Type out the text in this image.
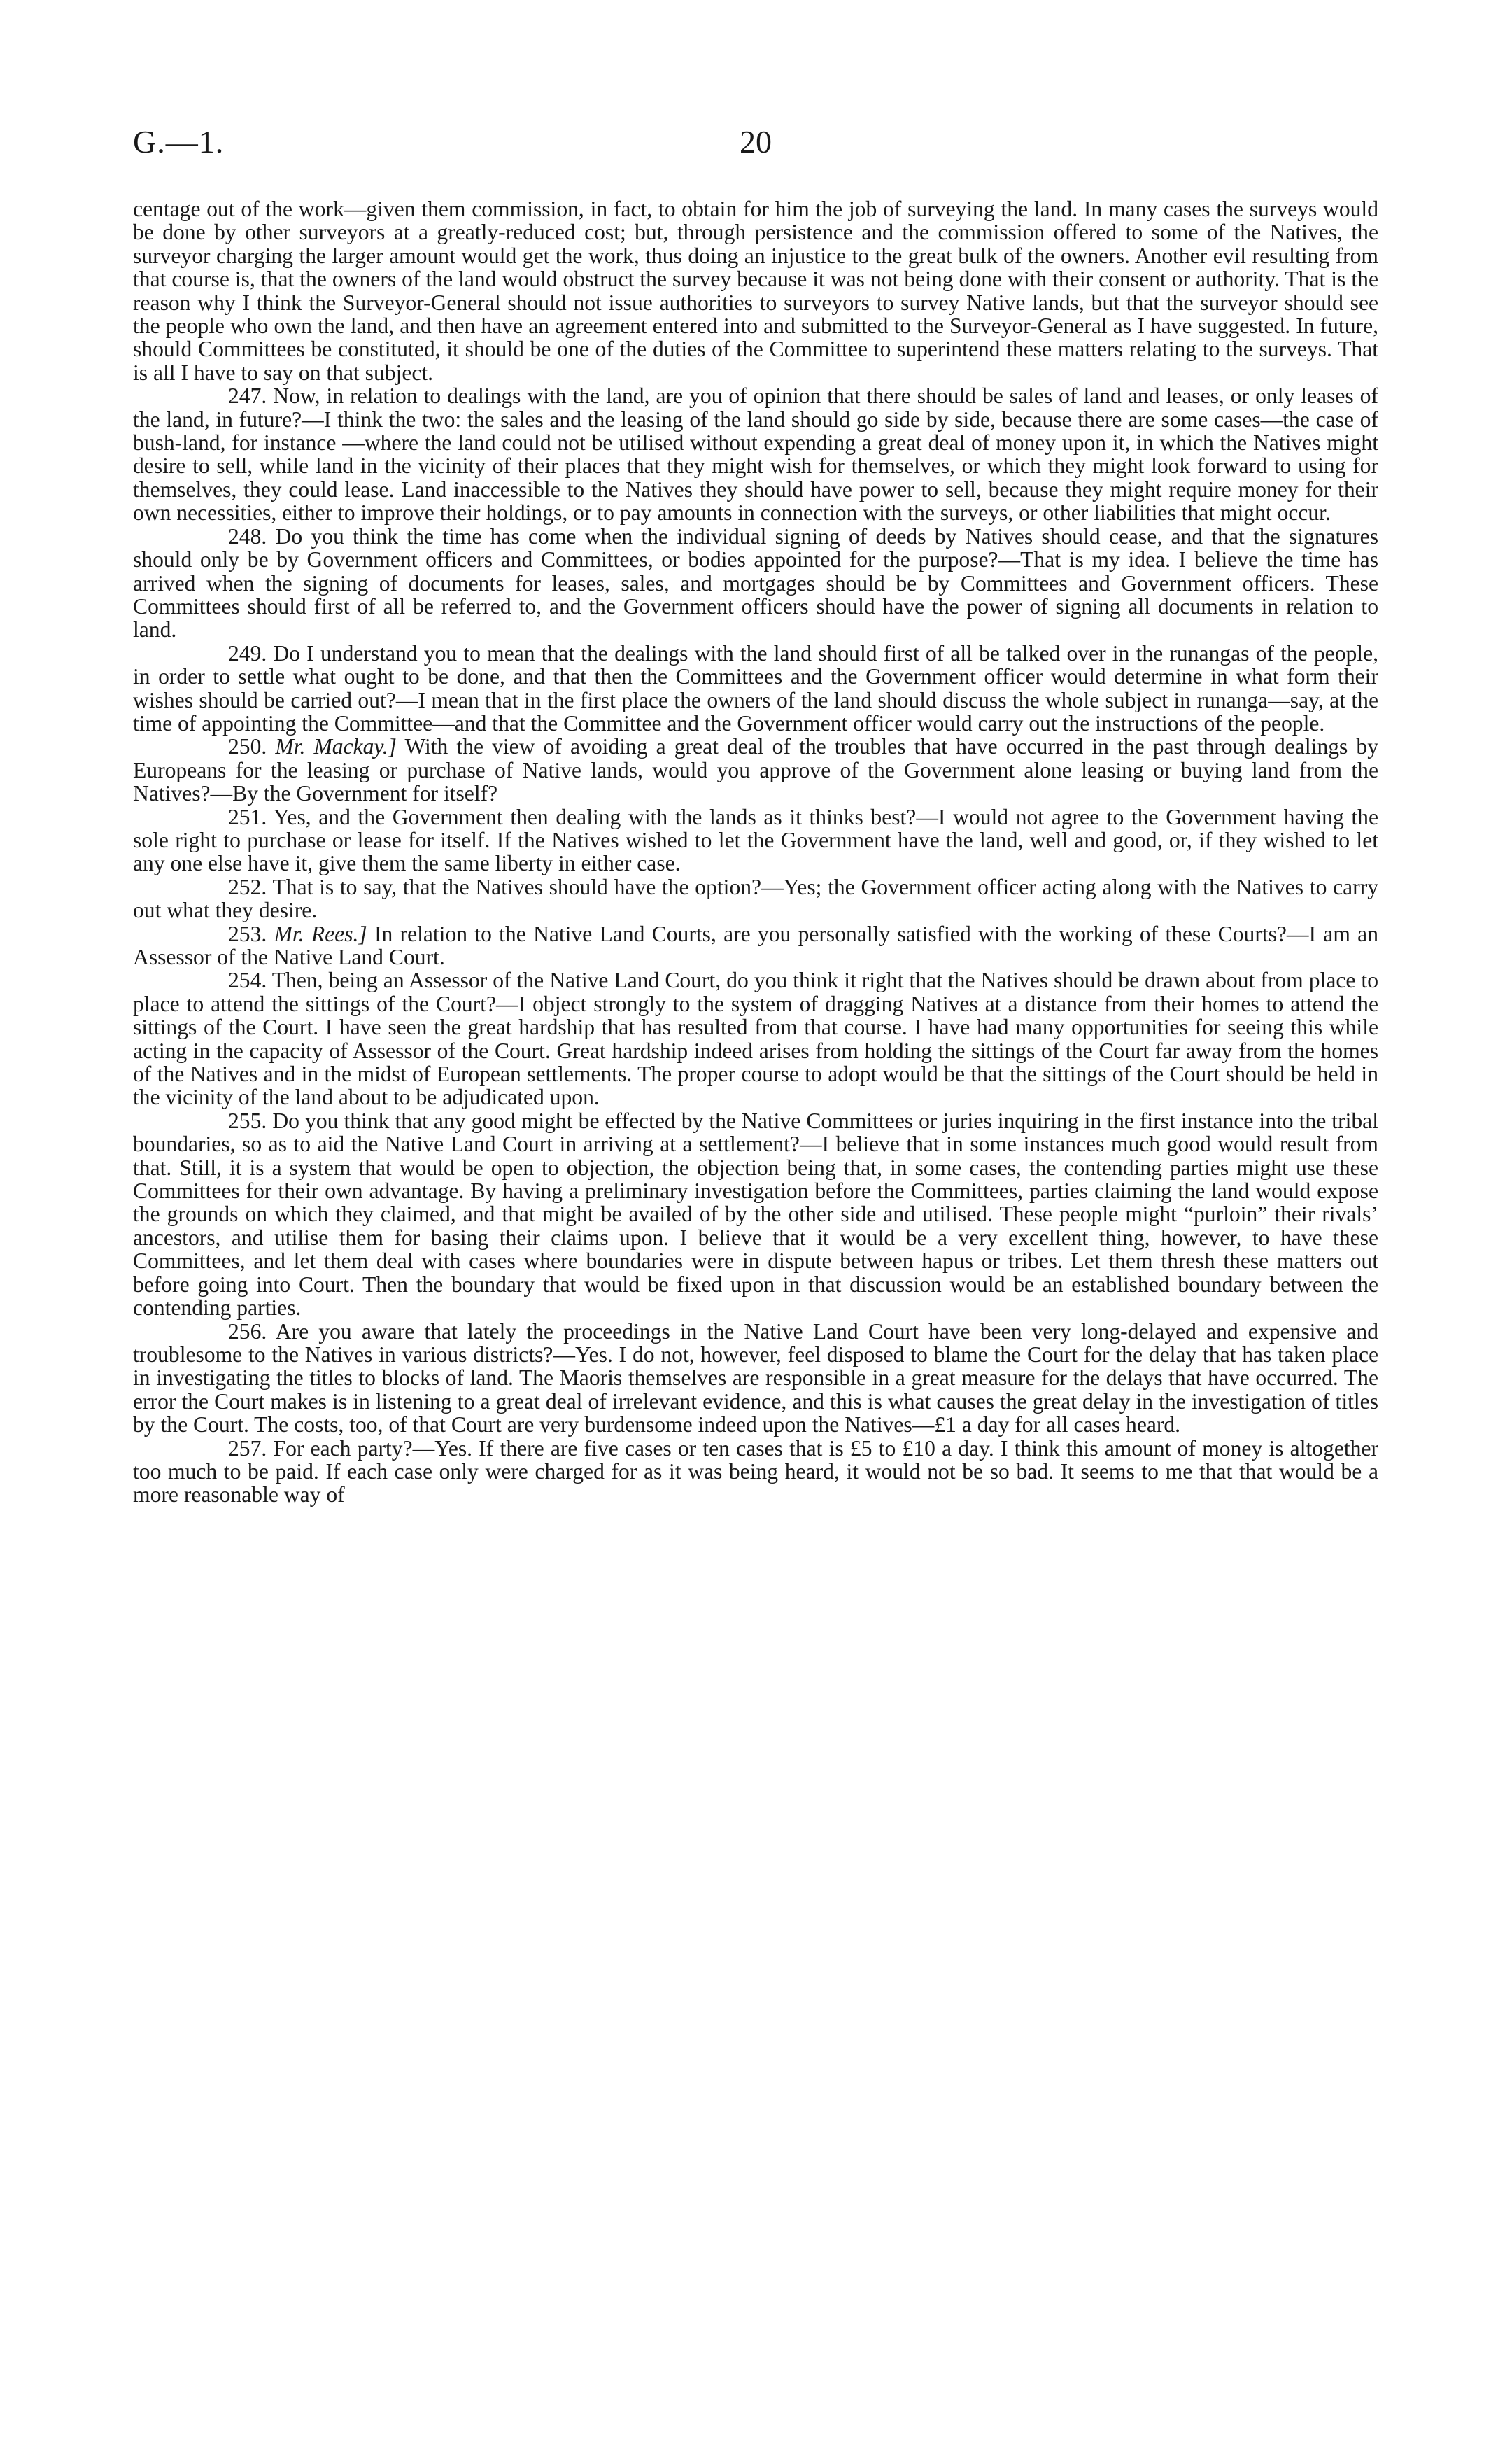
G.—1.	20

centage out of the work—given them commission, in fact, to obtain for him the job of surveying the land. In many cases the surveys would be done by other surveyors at a greatly-reduced cost; but, through persistence and the commission offered to some of the Natives, the surveyor charging the larger amount would get the work, thus doing an injustice to the great bulk of the owners. Another evil resulting from that course is, that the owners of the land would obstruct the survey because it was not being done with their consent or authority. That is the reason why I think the Surveyor-General should not issue authorities to surveyors to survey Native lands, but that the surveyor should see the people who own the land, and then have an agreement entered into and submitted to the Surveyor-General as I have suggested. In future, should Committees be constituted, it should be one of the duties of the Committee to superintend these matters relating to the surveys. That is all I have to say on that subject.

247. Now, in relation to dealings with the land, are you of opinion that there should be sales of land and leases, or only leases of the land, in future?—I think the two: the sales and the leasing of the land should go side by side, because there are some cases—the case of bush-land, for instance —where the land could not be utilised without expending a great deal of money upon it, in which the Natives might desire to sell, while land in the vicinity of their places that they might wish for themselves, or which they might look forward to using for themselves, they could lease. Land inaccessible to the Natives they should have power to sell, because they might require money for their own necessities, either to improve their holdings, or to pay amounts in connection with the surveys, or other liabilities that might occur.

248. Do you think the time has come when the individual signing of deeds by Natives should cease, and that the signatures should only be by Government officers and Committees, or bodies appointed for the purpose?—That is my idea. I believe the time has arrived when the signing of documents for leases, sales, and mortgages should be by Committees and Government officers. These Committees should first of all be referred to, and the Government officers should have the power of signing all documents in relation to land.

249. Do I understand you to mean that the dealings with the land should first of all be talked over in the runangas of the people, in order to settle what ought to be done, and that then the Committees and the Government officer would determine in what form their wishes should be carried out?—I mean that in the first place the owners of the land should discuss the whole subject in runanga—say, at the time of appointing the Committee—and that the Committee and the Government officer would carry out the instructions of the people.

250. Mr. Mackay.] With the view of avoiding a great deal of the troubles that have occurred in the past through dealings by Europeans for the leasing or purchase of Native lands, would you approve of the Government alone leasing or buying land from the Natives?—By the Government for itself?

251. Yes, and the Government then dealing with the lands as it thinks best?—I would not agree to the Government having the sole right to purchase or lease for itself. If the Natives wished to let the Government have the land, well and good, or, if they wished to let any one else have it, give them the same liberty in either case.

252. That is to say, that the Natives should have the option?—Yes; the Government officer acting along with the Natives to carry out what they desire.

253. Mr. Rees.] In relation to the Native Land Courts, are you personally satisfied with the working of these Courts?—I am an Assessor of the Native Land Court.

254. Then, being an Assessor of the Native Land Court, do you think it right that the Natives should be drawn about from place to place to attend the sittings of the Court?—I object strongly to the system of dragging Natives at a distance from their homes to attend the sittings of the Court. I have seen the great hardship that has resulted from that course. I have had many opportunities for seeing this while acting in the capacity of Assessor of the Court. Great hardship indeed arises from holding the sittings of the Court far away from the homes of the Natives and in the midst of European settlements. The proper course to adopt would be that the sittings of the Court should be held in the vicinity of the land about to be adjudicated upon.

255. Do you think that any good might be effected by the Native Committees or juries inquiring in the first instance into the tribal boundaries, so as to aid the Native Land Court in arriving at a settlement?—I believe that in some instances much good would result from that. Still, it is a system that would be open to objection, the objection being that, in some cases, the contending parties might use these Committees for their own advantage. By having a preliminary investigation before the Committees, parties claiming the land would expose the grounds on which they claimed, and that might be availed of by the other side and utilised. These people might “purloin” their rivals’ ancestors, and utilise them for basing their claims upon. I believe that it would be a very excellent thing, however, to have these Committees, and let them deal with cases where boundaries were in dispute between hapus or tribes. Let them thresh these matters out before going into Court. Then the boundary that would be fixed upon in that discussion would be an established boundary between the contending parties.

256. Are you aware that lately the proceedings in the Native Land Court have been very long-delayed and expensive and troublesome to the Natives in various districts?—Yes. I do not, however, feel disposed to blame the Court for the delay that has taken place in investigating the titles to blocks of land. The Maoris themselves are responsible in a great measure for the delays that have occurred. The error the Court makes is in listening to a great deal of irrelevant evidence, and this is what causes the great delay in the investigation of titles by the Court. The costs, too, of that Court are very burdensome indeed upon the Natives—£1 a day for all cases heard.

257. For each party?—Yes. If there are five cases or ten cases that is £5 to £10 a day. I think this amount of money is altogether too much to be paid. If each case only were charged for as it was being heard, it would not be so bad. It seems to me that that would be a more reasonable way of
